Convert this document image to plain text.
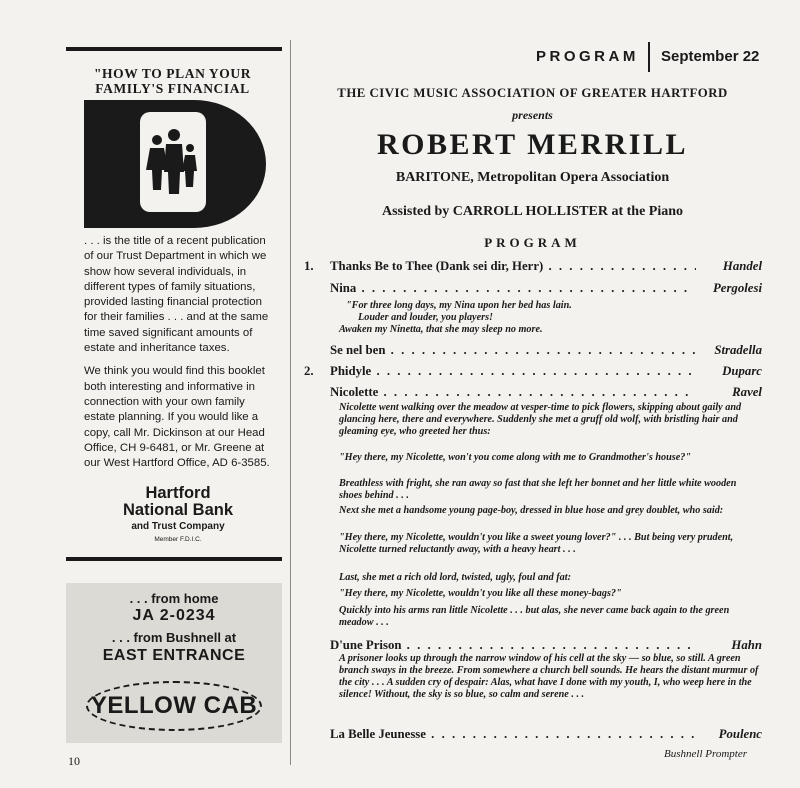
"HOW TO PLAN YOUR
FAMILY'S FINANCIAL
ROTECTION"

. . . is the title of a recent publication of our Trust Department in which we show how several individuals, in different types of family situations, provided lasting financial protection for their families . . . and at the same time saved significant amounts of estate and inheritance taxes.

We think you would find this booklet both interesting and informative in connection with your own family estate planning. If you would like a copy, call Mr. Dickinson at our Head Office, CH 9-6481, or Mr. Greene at our West Hartford Office, AD 6-3585.

Hartford
National Bank
and Trust Company
Member F.D.I.C.
. . . from home
JA 2-0234
. . . from Bushnell at
EAST ENTRANCE
YELLOW CAB
10
PROGRAM September 22
THE CIVIC MUSIC ASSOCIATION OF GREATER HARTFORD
presents
ROBERT MERRILL
BARITONE, Metropolitan Opera Association
Assisted by CARROLL HOLLISTER at the Piano
PROGRAM
1. Thanks Be to Thee (Dank sei dir, Herr) . .	Handel
Nina . .	Pergolesi
"For three long days, my Nina upon her bed has lain.
Louder and louder, you players!
Awaken my Ninetta, that she may sleep no more.
Se nel ben . .	Stradella
2. Phidyle . .	Duparc
Nicolette . .	Ravel
Nicolette went walking over the meadow at vesper-time to pick flowers, skipping about gaily and glancing here, there and everywhere. Suddenly she met a gruff old wolf, with bristling hair and gleaming eye, who greeted her thus:
"Hey there, my Nicolette, won't you come along with me to Grandmother's house?"
Breathless with fright, she ran away so fast that she left her bonnet and her little white wooden shoes behind . . .
Next she met a handsome young page-boy, dressed in blue hose and grey doublet, who said:
"Hey there, my Nicolette, wouldn't you like a sweet young lover?" . . . But being very prudent, Nicolette turned reluctantly away, with a heavy heart . . .
Last, she met a rich old lord, twisted, ugly, foul and fat:
"Hey there, my Nicolette, wouldn't you like all these money-bags?"
Quickly into his arms ran little Nicolette . . . but alas, she never came back again to the green meadow . . .
D'une Prison . .	Hahn
A prisoner looks up through the narrow window of his cell at the sky — so blue, so still. A green branch sways in the breeze. From somewhere a church bell sounds. He hears the distant murmur of the city . . . A sudden cry of despair: Alas, what have I done with my youth, I, who weep here in the silence! Without, the sky is so blue, so calm and serene . . .
La Belle Jeunesse . .	Poulenc
Bushnell Prompter
